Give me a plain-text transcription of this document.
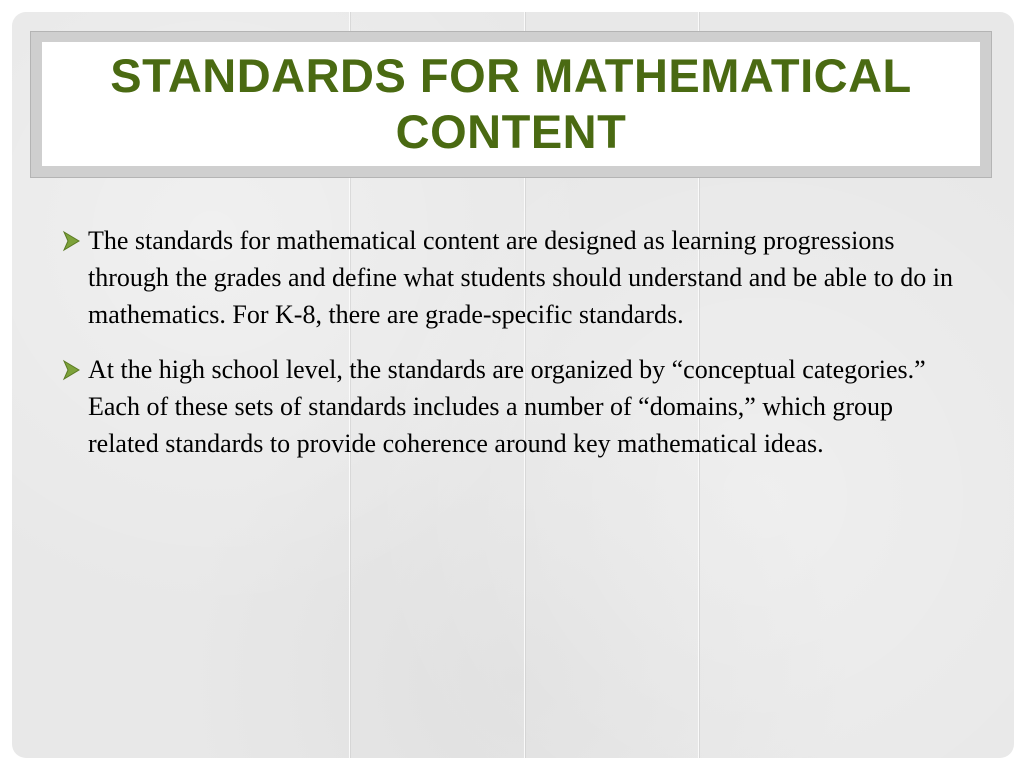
STANDARDS FOR MATHEMATICAL CONTENT
The standards for mathematical content are designed as learning progressions through the grades and define what students should understand and be able to do in mathematics. For K-8, there are grade-specific standards.
At the high school level, the standards are organized by “conceptual categories.” Each of these sets of standards includes a number of “domains,” which group related standards to provide coherence around key mathematical ideas.
